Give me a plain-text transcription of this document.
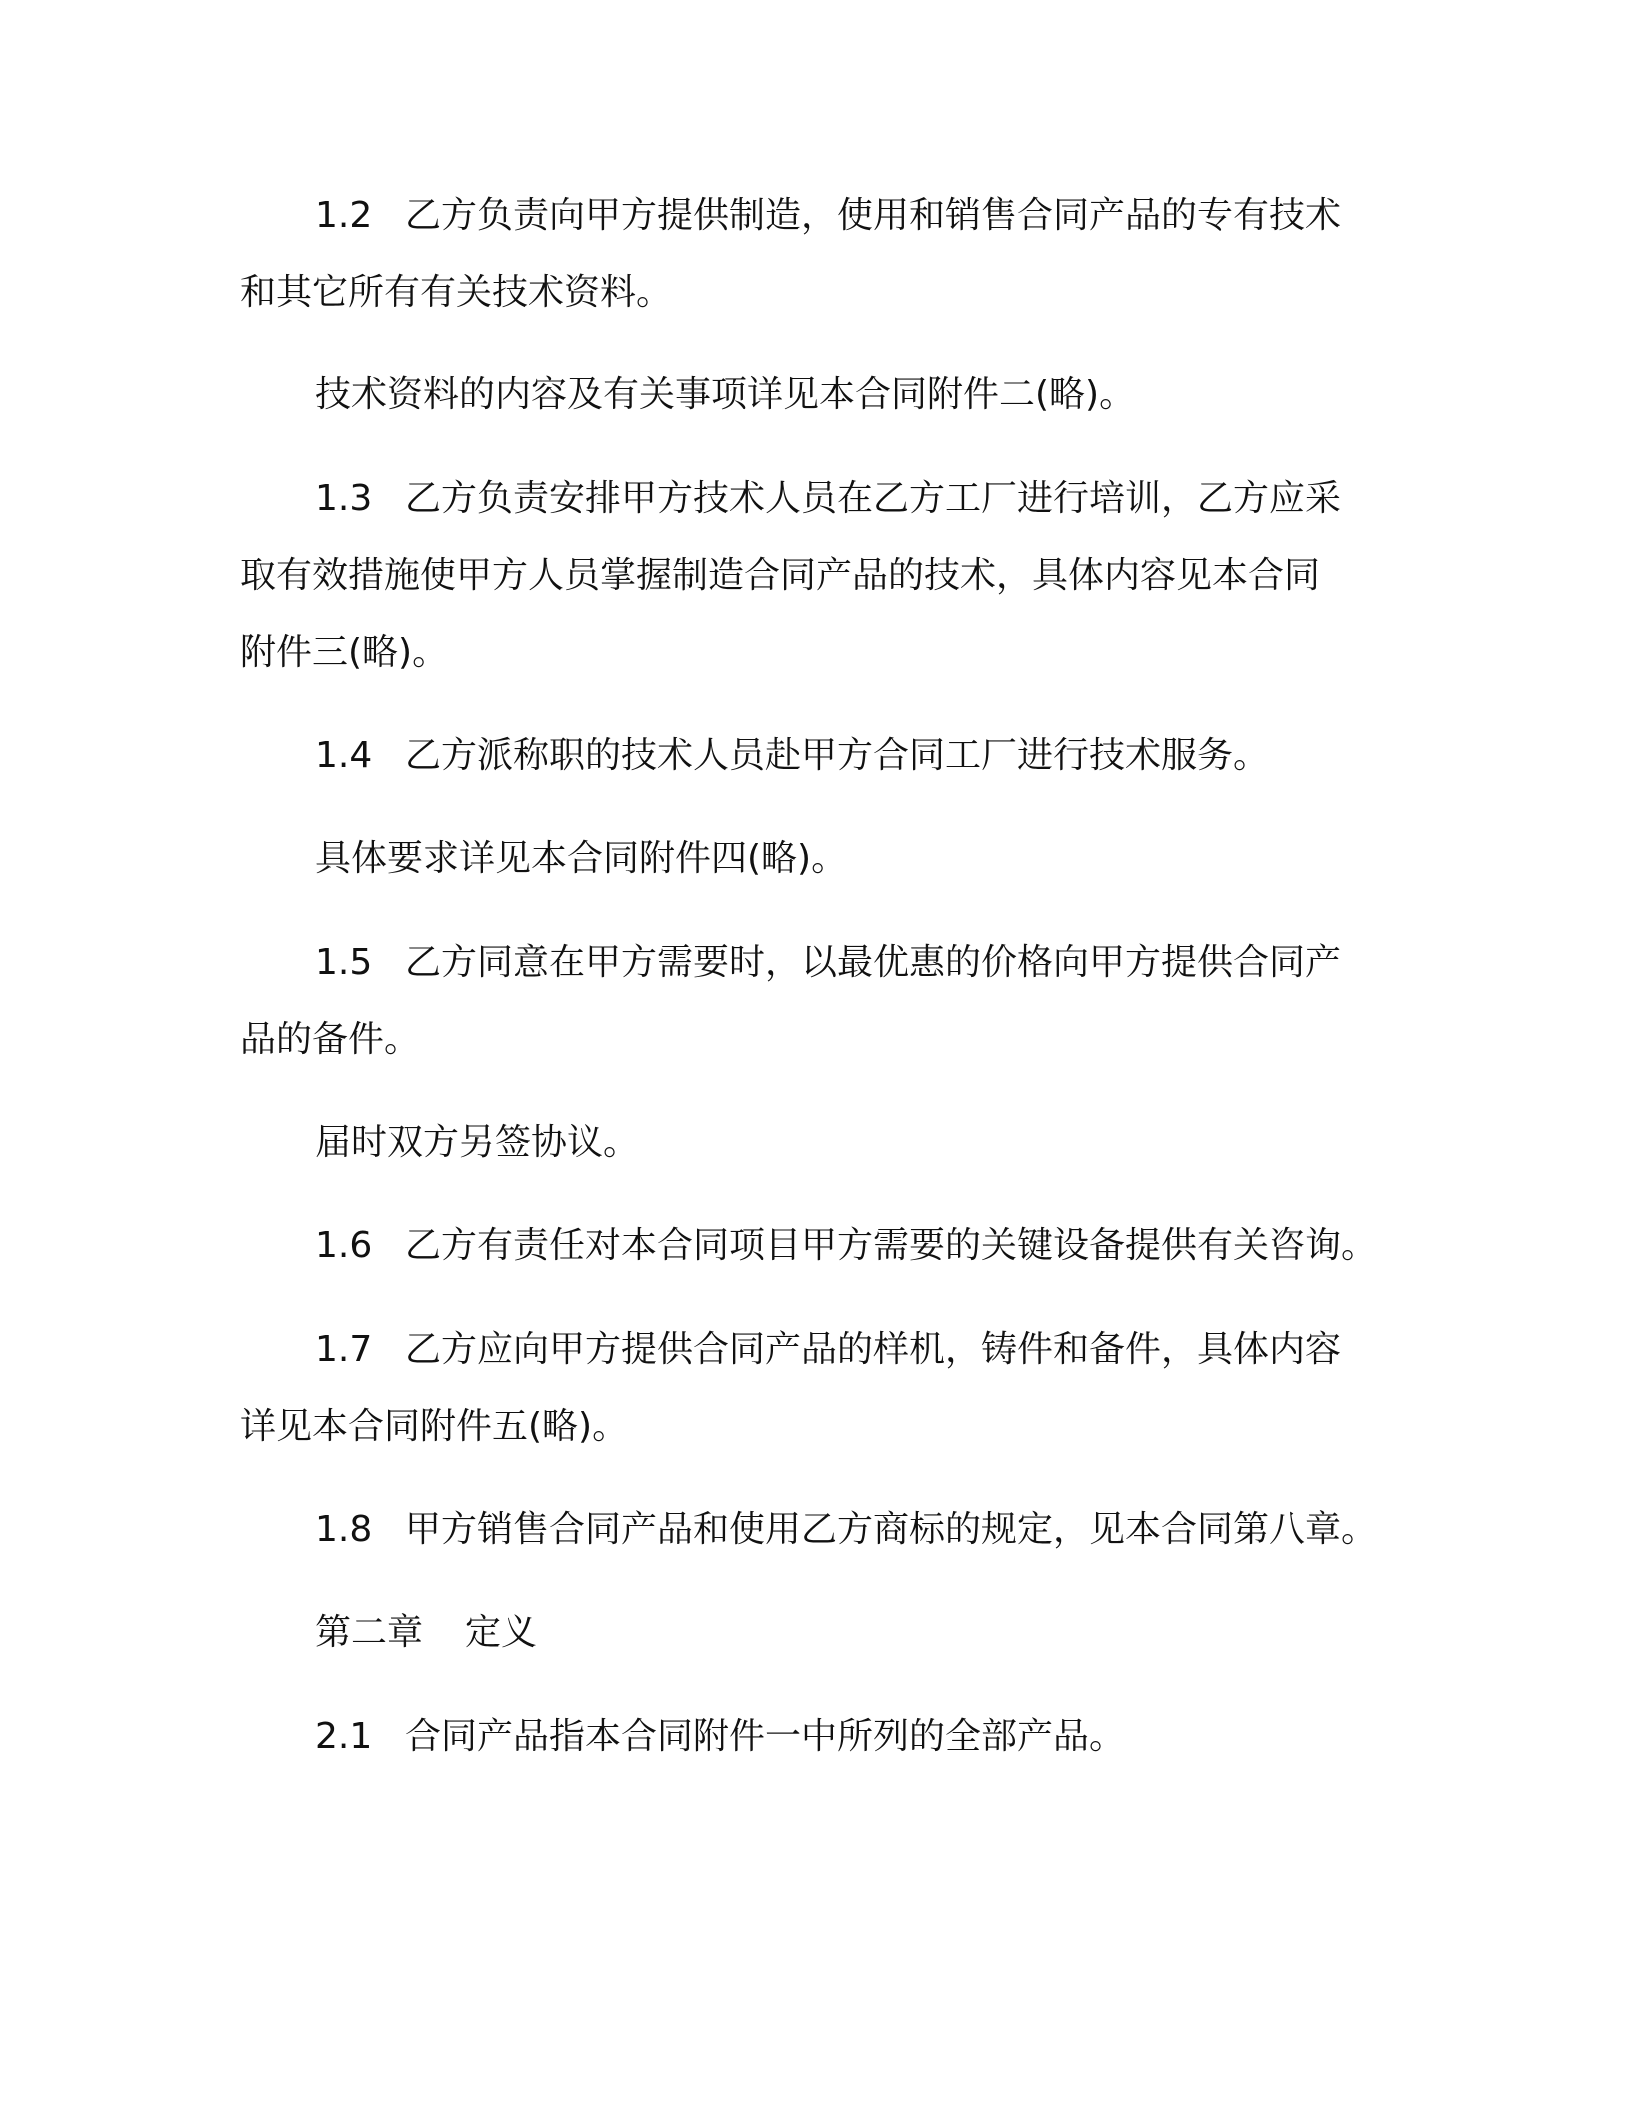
1.2 乙方负责向甲方提供制造，使用和销售合同产品的专有技术
和其它所有有关技术资料。

技术资料的内容及有关事项详见本合同附件二(略)。

1.3 乙方负责安排甲方技术人员在乙方工厂进行培训，乙方应采
取有效措施使甲方人员掌握制造合同产品的技术，具体内容见本合同
附件三(略)。

1.4 乙方派称职的技术人员赴甲方合同工厂进行技术服务。

具体要求详见本合同附件四(略)。

1.5 乙方同意在甲方需要时，以最优惠的价格向甲方提供合同产
品的备件。

届时双方另签协议。

1.6 乙方有责任对本合同项目甲方需要的关键设备提供有关咨询。

1.7 乙方应向甲方提供合同产品的样机，铸件和备件，具体内容
详见本合同附件五(略)。

1.8 甲方销售合同产品和使用乙方商标的规定，见本合同第八章。

第二章 定义

2.1 合同产品指本合同附件一中所列的全部产品。
